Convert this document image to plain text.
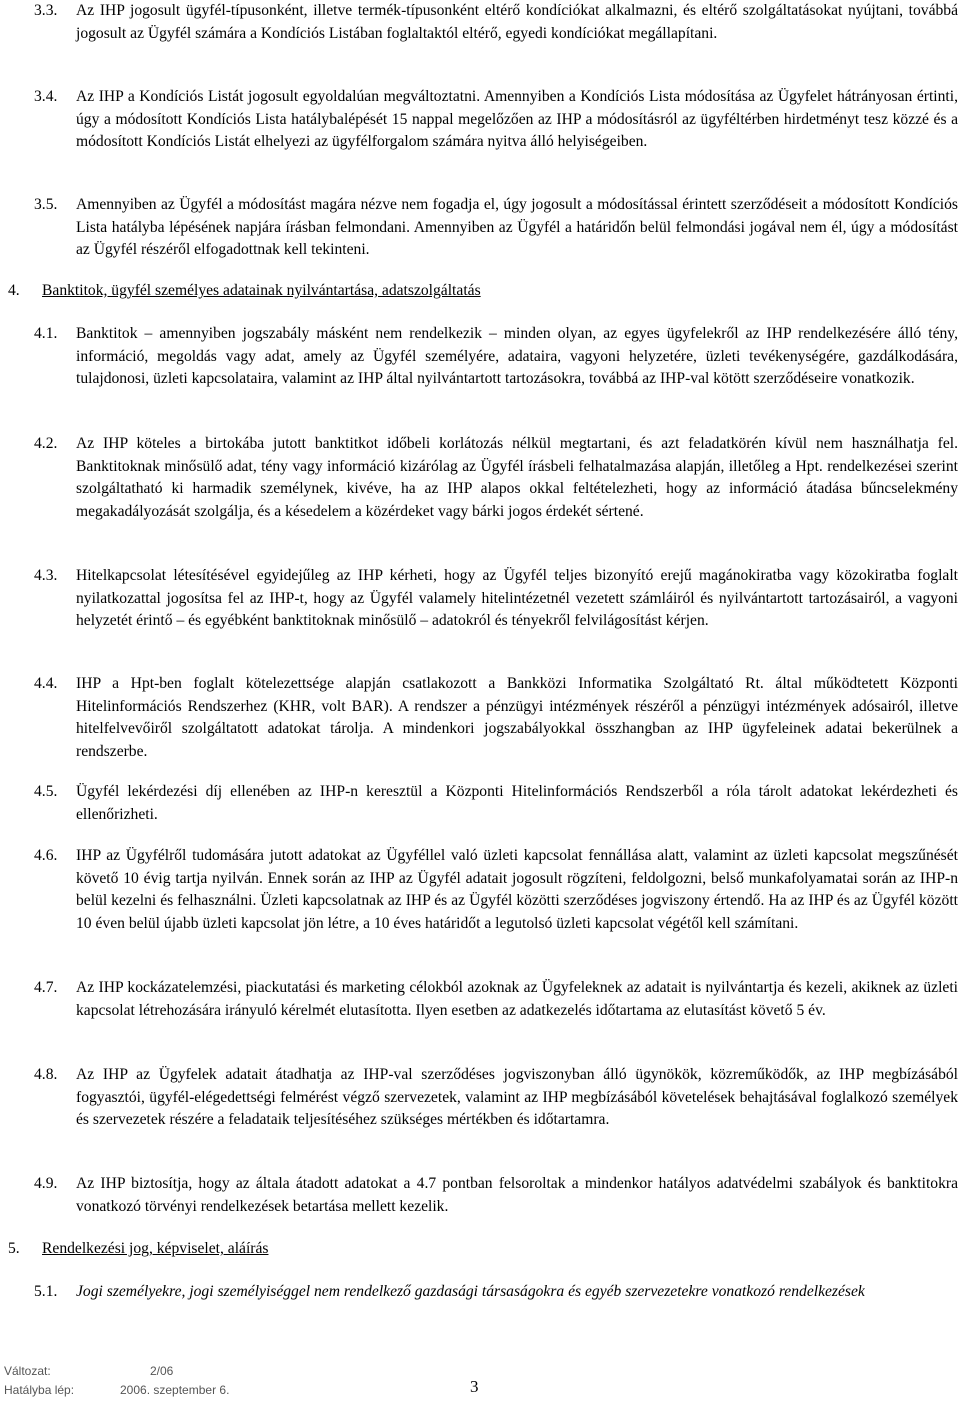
3.3. Az IHP jogosult ügyfél-típusonként, illetve termék-típusonként eltérő kondíciókat alkalmazni, és eltérő szolgáltatásokat nyújtani, továbbá jogosult az Ügyfél számára a Kondíciós Listában foglaltaktól eltérő, egyedi kondíciókat megállapítani.
3.4. Az IHP a Kondíciós Listát jogosult egyoldalúan megváltoztatni. Amennyiben a Kondíciós Lista módosítása az Ügyfelet hátrányosan értinti, úgy a módosított Kondíciós Lista hatálybalépését 15 nappal megelőzően az IHP a módosításról az ügyféltérben hirdetményt tesz közzé és a módosított Kondíciós Listát elhelyezi az ügyfélforgalom számára nyitva álló helyiségeiben.
3.5. Amennyiben az Ügyfél a módosítást magára nézve nem fogadja el, úgy jogosult a módosítással érintett szerződéseit a módosított Kondíciós Lista hatályba lépésének napjára írásban felmondani. Amennyiben az Ügyfél a határidőn belül felmondási jogával nem él, úgy a módosítást az Ügyfél részéről elfogadottnak kell tekinteni.
4. Banktitok, ügyfél személyes adatainak nyilvántartása, adatszolgáltatás
4.1. Banktitok – amennyiben jogszabály másként nem rendelkezik – minden olyan, az egyes ügyfelekről az IHP rendelkezésére álló tény, információ, megoldás vagy adat, amely az Ügyfél személyére, adataira, vagyoni helyzetére, üzleti tevékenységére, gazdálkodására, tulajdonosi, üzleti kapcsolataira, valamint az IHP által nyilvántartott tartozásokra, továbbá az IHP-val kötött szerződéseire vonatkozik.
4.2. Az IHP köteles a birtokába jutott banktitkot időbeli korlátozás nélkül megtartani, és azt feladatkörén kívül nem használhatja fel. Banktitoknak minősülő adat, tény vagy információ kizárólag az Ügyfél írásbeli felhatalmazása alapján, illetőleg a Hpt. rendelkezései szerint szolgáltatható ki harmadik személynek, kivéve, ha az IHP alapos okkal feltételezheti, hogy az információ átadása bűncselekmény megakadályozását szolgálja, és a késedelem a közérdeket vagy bárki jogos érdekét sértené.
4.3. Hitelkapcsolat létesítésével egyidejűleg az IHP kérheti, hogy az Ügyfél teljes bizonyító erejű magánokiratba vagy közokiratba foglalt nyilatkozattal jogosítsa fel az IHP-t, hogy az Ügyfél valamely hitelintézetnél vezetett számláiról és nyilvántartott tartozásairól, a vagyoni helyzetét érintő – és egyébként banktitoknak minősülő – adatokról és tényekről felvilágosítást kérjen.
4.4. IHP a Hpt-ben foglalt kötelezettsége alapján csatlakozott a Bankközi Informatika Szolgáltató Rt. által működtetett Központi Hitelinformációs Rendszerhez (KHR, volt BAR). A rendszer a pénzügyi intézmények részéről a pénzügyi intézmények adósairól, illetve hitelfelvevőiről szolgáltatott adatokat tárolja. A mindenkori jogszabályokkal összhangban az IHP ügyfeleinek adatai bekerülnek a rendszerbe.
4.5. Ügyfél lekérdezési díj ellenében az IHP-n keresztül a Központi Hitelinformációs Rendszerből a róla tárolt adatokat lekérdezheti és ellenőrizheti.
4.6. IHP az Ügyfélről tudomására jutott adatokat az Ügyféllel való üzleti kapcsolat fennállása alatt, valamint az üzleti kapcsolat megszűnését követő 10 évig tartja nyilván. Ennek során az IHP az Ügyfél adatait jogosult rögzíteni, feldolgozni, belső munkafolyamatai során az IHP-n belül kezelni és felhasználni. Üzleti kapcsolatnak az IHP és az Ügyfél közötti szerződéses jogviszony értendő. Ha az IHP és az Ügyfél között 10 éven belül újabb üzleti kapcsolat jön létre, a 10 éves határidőt a legutolsó üzleti kapcsolat végétől kell számítani.
4.7. Az IHP kockázatelemzési, piackutatási és marketing célokból azoknak az Ügyfeleknek az adatait is nyilvántartja és kezeli, akiknek az üzleti kapcsolat létrehozására irányuló kérelmét elutasította. Ilyen esetben az adatkezelés időtartama az elutasítást követő 5 év.
4.8. Az IHP az Ügyfelek adatait átadhatja az IHP-val szerződéses jogviszonyban álló ügynökök, közreműködők, az IHP megbízásából fogyasztói, ügyfél-elégedettségi felmérést végző szervezetek, valamint az IHP megbízásából követelések behajtásával foglalkozó személyek és szervezetek részére a feladataik teljesítéséhez szükséges mértékben és időtartamra.
4.9. Az IHP biztosítja, hogy az általa átadott adatokat a 4.7 pontban felsoroltak a mindenkor hatályos adatvédelmi szabályok és banktitokra vonatkozó törvényi rendelkezések betartása mellett kezelik.
5. Rendelkezési jog, képviselet, aláírás
5.1. Jogi személyekre, jogi személyiséggel nem rendelkező gazdasági társaságokra és egyéb szervezetekre vonatkozó rendelkezések
Változat:	2/06
Hatályba lép:	2006. szeptember 6.	3
